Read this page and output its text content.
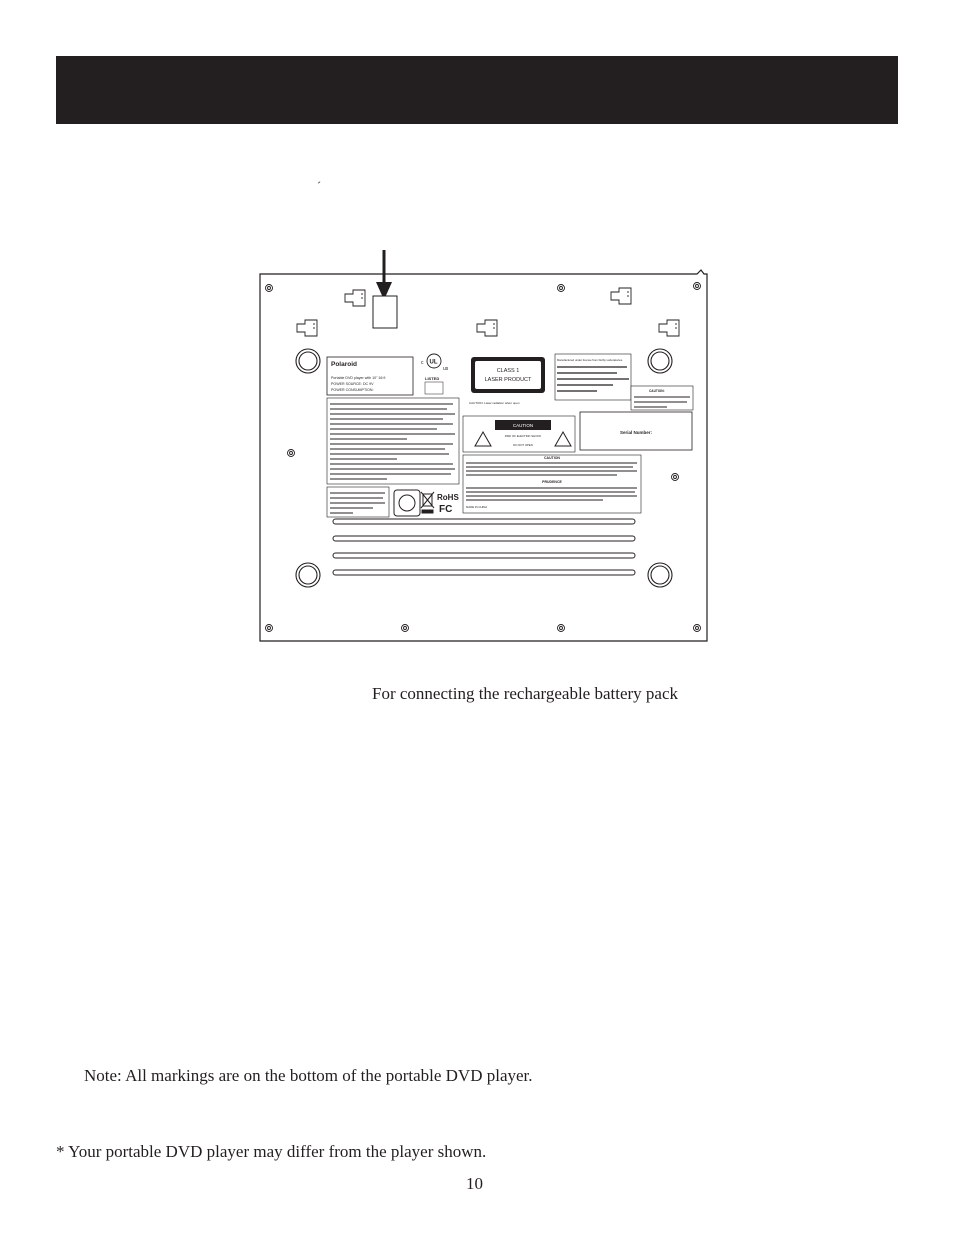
´
Polaroid
Portable DVD player with 10" 16:9
POWER SOURCE: DC 9V
POWER CONSUMPTION:
UL
c
us
LISTED
CLASS 1
LASER PRODUCT
CAUTION: Laser radiation when open
Manufactured under license from Dolby Laboratories.
CAUTION:
CAUTION
RISK OF ELECTRIC SHOCK
DO NOT OPEN
Serial Number:
CAUTION
PRUDENCE
MADE IN CHINA
RoHS
FC
For connecting the rechargeable battery pack
Note: All markings are on the bottom of the portable DVD player.
* Your portable DVD player may differ from the player shown.
10
